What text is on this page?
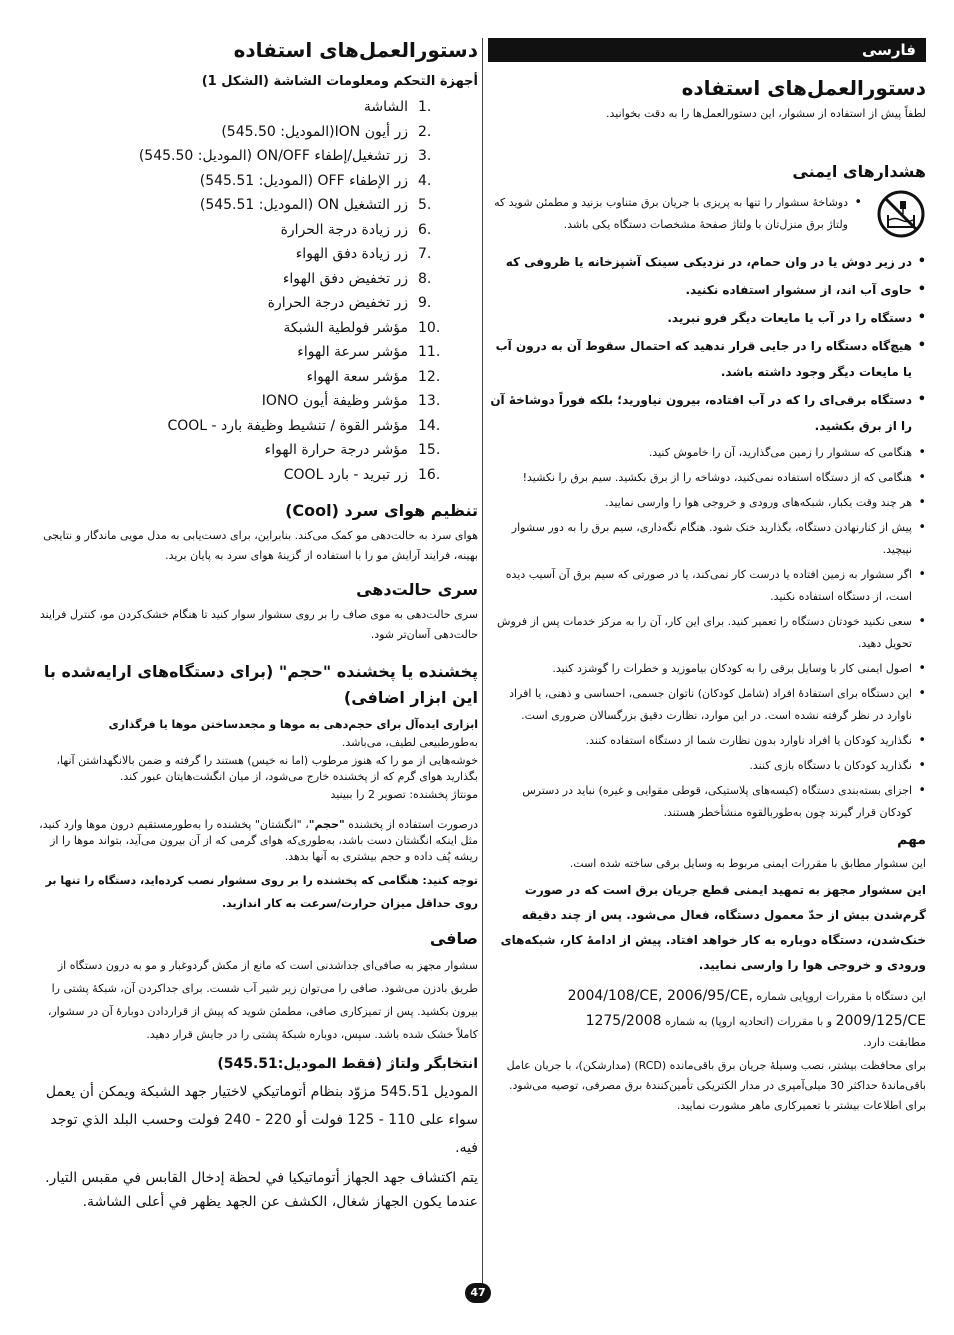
فارسی
دستورالعمل‌های استفاده

لطفاً پیش از استفاده از سشوار، این دستورالعمل‌ها را به دقت بخوانید.

هشدارهای ایمنی
• دوشاخهٔ سشوار را تنها به پریزی با جریان برق متناوب بزنید و مطمئن شوید که ولتاژ برق منزل‌تان با ولتاژ صفحهٔ مشخصات دستگاه یکی باشد.
• در زیر دوش یا در وان حمام، در نزدیکی سینک آشپزخانه یا ظروفی که
• حاوی آب اند، از سشوار استفاده نکنید.
• دستگاه را در آب یا مایعات دیگر فرو نبرید.
• هیچ‌گاه دستگاه را در جایی قرار ندهید که احتمال سقوط آن به درون آب یا مایعات دیگر وجود داشته باشد.
• دستگاه برقی‌ای را که در آب افتاده، بیرون نیاورید؛ بلکه فوراً دوشاخهٔ آن را از برق بکشید.
• هنگامی که سشوار را زمین می‌گذارید، آن را خاموش کنید.
• هنگامی که از دستگاه استفاده نمی‌کنید، دوشاخه را از برق بکشید. سیم برق را نکشید!
• هر چند وقت یکبار، شبکه‌های ورودی و خروجی هوا را وارسی نمایید.
• پیش از کنارنهادن دستگاه، بگذارید خنک شود. هنگام نگه‌داری، سیم برق را به دور سشوار نپیچید.
• اگر سشوار به زمین افتاده یا درست کار نمی‌کند، یا در صورتی که سیم برق آن آسیب دیده است، از دستگاه استفاده نکنید.
• سعی نکنید خودتان دستگاه را تعمیر کنید. برای این کار، آن را به مرکز خدمات پس از فروش تحویل دهید.
• اصول ایمنی کار با وسایل برقی را به کودکان بیاموزید و خطرات را گوشزد کنید.
• این دستگاه برای استفادهٔ افراد (شامل کودکان) ناتوان جسمی، احساسی و ذهنی، یا افراد ناوارد در نظر گرفته نشده است. در این موارد، نظارت دقیق بزرگسالان ضروری است.
• نگذارید کودکان یا افراد ناوارد بدون نظارت شما از دستگاه استفاده کنند.
• نگذارید کودکان با دستگاه بازی کنند.
• اجزای بسته‌بندی دستگاه (کیسه‌های پلاستیکی، قوطی مقوایی و غیره) نباید در دسترس کودکان قرار گیرند چون به‌طوربالقوه منشأخطر هستند.
مهم

این سشوار مطابق با مقررات ایمنی مربوط به وسایل برقی ساخته شده است.

این سشوار مجهز به تمهید ایمنی قطع جریان برق است که در صورت گرم‌شدن بیش از حدّ معمول دستگاه، فعال می‌شود. پس از چند دقیقه خنک‌شدن، دستگاه دوباره به کار خواهد افتاد. پیش از ادامهٔ کار، شبکه‌های ورودی و خروجی هوا را وارسی نمایید.

این دستگاه با مقررات اروپایی شماره 2004/108/CE, 2006/95/CE,
2009/125/CE و با مقررات (اتحادیه اروپا) به شماره 1275/2008
مطابقت دارد.

برای محافظت بیشتر، نصب وسیلهٔ جریان برق باقی‌مانده (RCD) (مدارشکن)، با جریان عامل باقی‌ماندهٔ حداکثر 30 میلی‌آمپری در مدار الکتریکی تأمین‌کنندهٔ برق مصرفی، توصیه می‌شود. برای اطلاعات بیشتر با تعمیرکاری ماهر مشورت نمایید.

دستورالعمل‌های استفاده
أجهزة التحكم ومعلومات الشاشة (الشكل 1)
1.
الشاشة
2.
زر أيون ION(الموديل: 545.50)
3.
زر تشغيل/إطفاء ON/OFF (الموديل: 545.50)
4.
زر الإطفاء OFF (الموديل: 545.51)
5.
زر التشغيل ON (الموديل: 545.51)
6.
زر زيادة درجة الحرارة
7.
زر زيادة دفق الهواء
8.
زر تخفيض دفق الهواء
9.
زر تخفيض درجة الحرارة
10.
مؤشر فولطية الشبكة
11.
مؤشر سرعة الهواء
12.
مؤشر سعة الهواء
13.
مؤشر وظيفة أيون IONO
14.
مؤشر القوة / تنشيط وظيفة بارد - COOL
15.
مؤشر درجة حرارة الهواء
16.
زر تبريد - بارد COOL
تنظیم هوای سرد (Cool)

هوای سرد به حالت‌دهی مو کمک می‌کند. بنابراین، برای دست‌یابی به مدل مویی ماندگار و نتایجی بهینه، فرایند آرایش مو را با استفاده از گزینهٔ هوای سرد به پایان برید.

سری حالت‌دهی

سری حالت‌دهی به موی صاف را بر روی سشوار سوار کنید تا هنگام خشک‌کردن مو، کنترل فرایند حالت‌دهی آسان‌تر شود.

پخشنده یا پخشنده "حجم" (برای دستگاه‌های ارایه‌شده با این ابزار اضافی)

ابزاری ایده‌آل برای حجم‌دهی به موها و مجعدساختن موها یا فرگذاری

به‌طورطبیعی لطیف، می‌باشد.

خوشه‌هایی از مو را که هنوز مرطوب (اما نه خیس) هستند را گرفته و ضمن بالانگهداشتن آنها، بگذارید هوای گرم که از پخشنده خارج می‌شود، از میان انگشت‌هایتان عبور کند.

مونتاژ پخشنده: تصویر 2 را ببینید

درصورت استفاده از پخشنده "حجم"، "انگشتان" پخشنده را به‌طورمستقیم درون موها وارد کنید، مثل اینکه انگشتان دست باشد، به‌طوری‌که هوای گرمی که از آن بیرون می‌آید، بتواند موها را از ریشه پُف داده و حجم بیشتری به آنها بدهد.

توجه کنید: هنگامی که پخشنده را بر روی سشوار نصب کرده‌اید، دستگاه را تنها بر روی حداقل میزان حرارت/سرعت به کار اندازید.

صافی

سشوار مجهز به صافی‌ای جداشدنی است که مانع از مکش گردوغبار و مو به درون دستگاه از طریق بادزن می‌شود. صافی را می‌توان زیر شیر آب شست. برای جداکردن آن، شبکهٔ پشتی را بیرون بکشید. پس از تمیزکاری صافی، مطمئن شوید که پیش از قراردادن دوبارهٔ آن در سشوار، کاملاً خشک شده باشد. سپس، دوباره شبکهٔ پشتی را در جایش قرار دهید.

انتخابگر ولتاژ (فقط الموديل:545.51)

الموديل 545.51 مزوّد بنظام أتوماتيكي لاختيار جهد الشبكة ويمكن أن يعمل سواء على 110 - 125 فولت أو 220 - 240 فولت وحسب البلد الذي توجد فيه.

يتم اكتشاف جهد الجهاز أتوماتيكيا في لحظة إدخال القابس في مقبس التيار.

عندما يكون الجهاز شغال، الكشف عن الجهد يظهر في أعلى الشاشة.

47
